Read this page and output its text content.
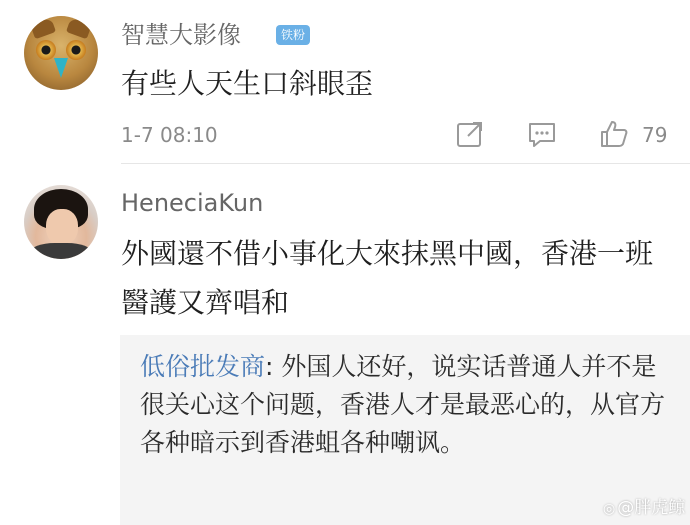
智慧大影像	铁粉
有些人天生口斜眼歪
1-7 08:10	79
HeneciaKun
外國還不借小事化大來抹黑中國，香港一班醫護又齊唱和
低俗批发商: 外国人还好，说实话普通人并不是很关心这个问题，香港人才是最恶心的，从官方各种暗示到香港蛆各种嘲讽。
◎ @胖虎鲸
